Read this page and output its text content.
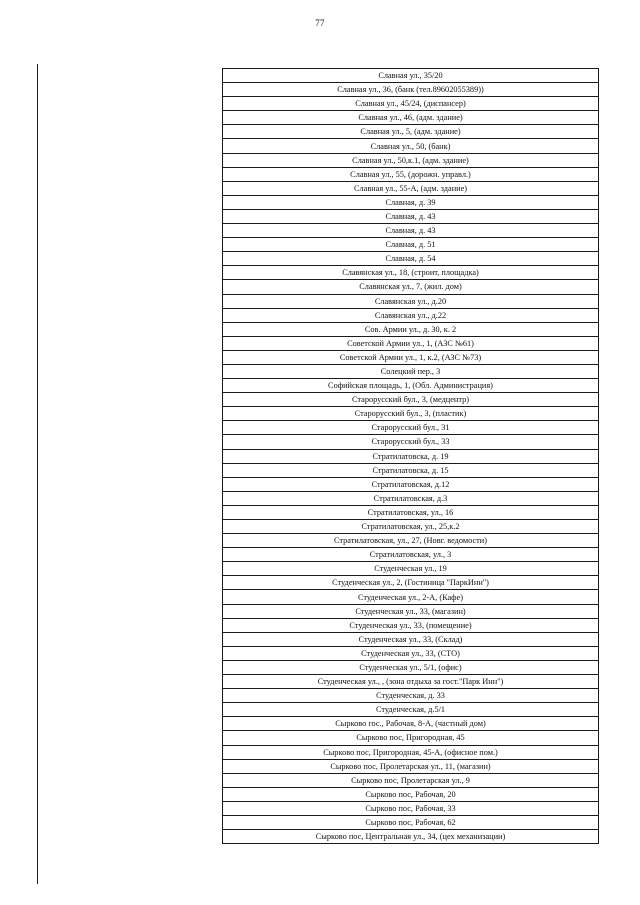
77
Славная ул., 35/20
Славная ул., 36, (банк (тел.89602055389))
Славная ул., 45/24, (диспансер)
Славная ул., 46, (адм. здание)
Славная ул., 5, (адм. здание)
Славная ул., 50, (банк)
Славная ул., 50,к.1, (адм. здание)
Славная ул., 55, (дорожн. управл.)
Славная ул., 55-А, (адм. здание)
Славная, д. 39
Славная, д. 43
Славная, д. 43
Славная, д. 51
Славная, д. 54
Славянская ул., 18, (строит, площадка)
Славянская ул., 7, (жил. дом)
Славянская ул., д.20
Славянская ул., д.22
Сов. Армии ул., д. 30, к. 2
Советской Армии ул., 1, (АЗС №61)
Советской Армии ул., 1, к.2, (АЗС №73)
Солецкий пер., 3
Софийская площадь, 1, (Обл. Администрация)
Старорусский бул., 3, (медцентр)
Старорусский бул., 3, (пластик)
Старорусский бул., 31
Старорусский бул., 33
Стратилатовска, д. 19
Стратилатовска, д. 15
Стратилатовская, д.12
Стратилатовская, д.3
Стратилатовская, ул., 16
Стратилатовская, ул., 25,к.2
Стратилатовская, ул., 27, (Новг. ведомости)
Стратилатовская, ул., 3
Студенческая ул., 19
Студенческая ул., 2, (Гостиница "ПаркИнн")
Студенческая ул., 2-А, (Кафе)
Студенческая ул., 33, (магазин)
Студенческая ул., 33, (помещение)
Студенческая ул., 33, (Склад)
Студенческая ул., 33, (СТО)
Студенческая ул., 5/1, (офис)
Студенческая ул., , (зона отдыха за гост."Парк Инн")
Студенческая, д. 33
Студенческая, д.5/1
Сырково гос., Рабочая, 8-А, (частный дом)
Сырково пос, Пригородная, 45
Сырково пос, Пригородная, 45-А, (офисное пом.)
Сырково пос, Пролетарская ул., 11, (магазин)
Сырково пос, Пролетарская ул., 9
Сырково пос, Рабочая, 20
Сырково пос, Рабочая, 33
Сырково пос, Рабочая, 62
Сырково пос, Центральная ул., 34, (цех механизации)
